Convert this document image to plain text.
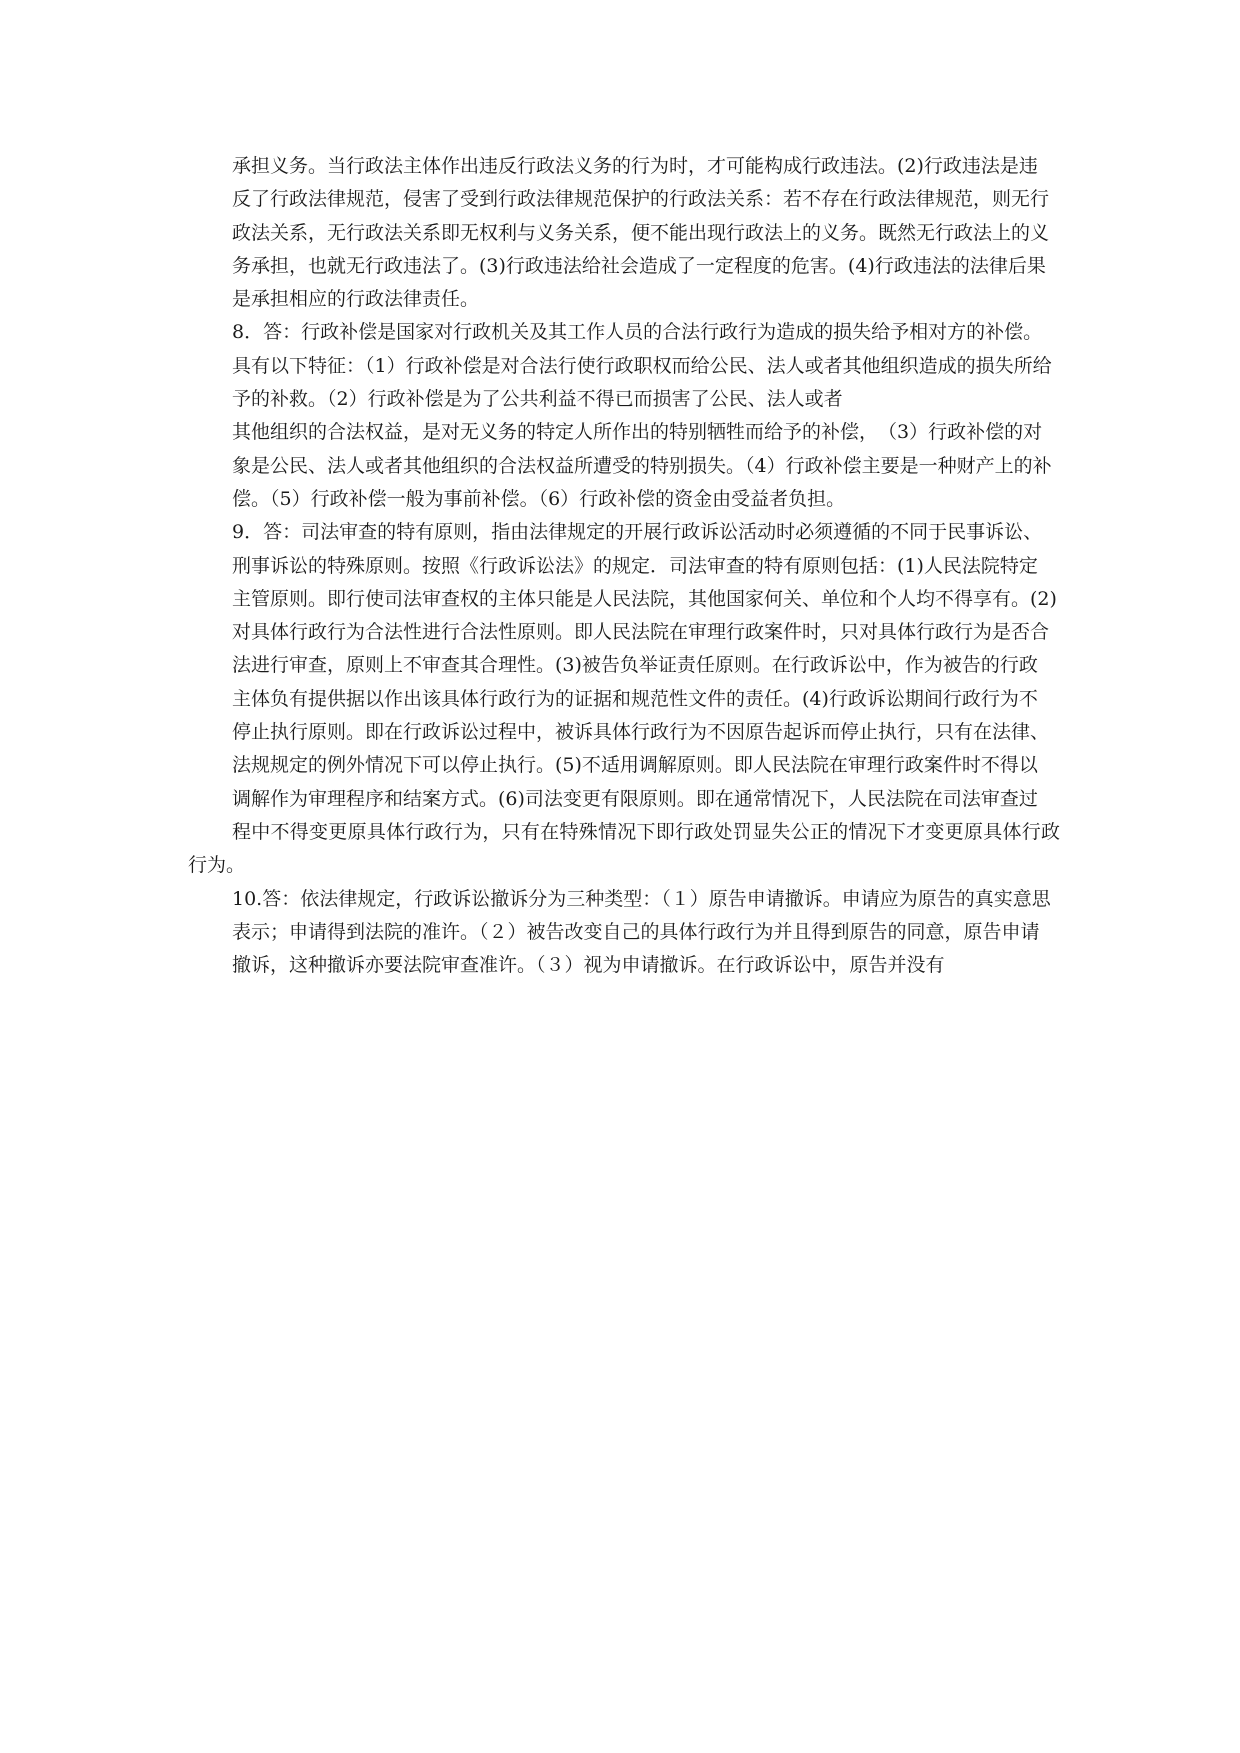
承担义务。当行政法主体作出违反行政法义务的行为时，才可能构成行政违法。(2)行政违法是违

反了行政法律规范，侵害了受到行政法律规范保护的行政法关系：若不存在行政法律规范，则无行

政法关系，无行政法关系即无权利与义务关系，便不能出现行政法上的义务。既然无行政法上的义

务承担，也就无行政违法了。(3)行政违法给社会造成了一定程度的危害。(4)行政违法的法律后果

是承担相应的行政法律责任。

8．答：行政补偿是国家对行政机关及其工作人员的合法行政行为造成的损失给予相对方的补偿。

具有以下特征：（1）行政补偿是对合法行使行政职权而给公民、法人或者其他组织造成的损失所给

予的补救。（2）行政补偿是为了公共利益不得已而损害了公民、法人或者

其他组织的合法权益，是对无义务的特定人所作出的特别牺牲而给予的补偿，　（3）行政补偿的对

象是公民、法人或者其他组织的合法权益所遭受的特别损失。（4）行政补偿主要是一种财产上的补

偿。（5）行政补偿一般为事前补偿。（6）行政补偿的资金由受益者负担。

9．答：司法审查的特有原则，指由法律规定的开展行政诉讼活动时必须遵循的不同于民事诉讼、

刑事诉讼的特殊原则。按照《行政诉讼法》的规定．司法审查的特有原则包括：(1)人民法院特定

主管原则。即行使司法审查权的主体只能是人民法院，其他国家何关、单位和个人均不得享有。(2)

对具体行政行为合法性进行合法性原则。即人民法院在审理行政案件时，只对具体行政行为是否合

法进行审查，原则上不审查其合理性。(3)被告负举证责任原则。在行政诉讼中，作为被告的行政

主体负有提供据以作出该具体行政行为的证据和规范性文件的责任。(4)行政诉讼期间行政行为不

停止执行原则。即在行政诉讼过程中，被诉具体行政行为不因原告起诉而停止执行，只有在法律、

法规规定的例外情况下可以停止执行。(5)不适用调解原则。即人民法院在审理行政案件时不得以

调解作为审理程序和结案方式。(6)司法变更有限原则。即在通常情况下，人民法院在司法审查过

程中不得变更原具体行政行为，只有在特殊情况下即行政处罚显失公正的情况下才变更原具体行政行为。

10.答：依法律规定，行政诉讼撤诉分为三种类型：（１）原告申请撤诉。申请应为原告的真实意思

表示；申请得到法院的准许。（２）被告改变自己的具体行政行为并且得到原告的同意，原告申请

撤诉，这种撤诉亦要法院审查准许。（３）视为申请撤诉。在行政诉讼中，原告并没有
